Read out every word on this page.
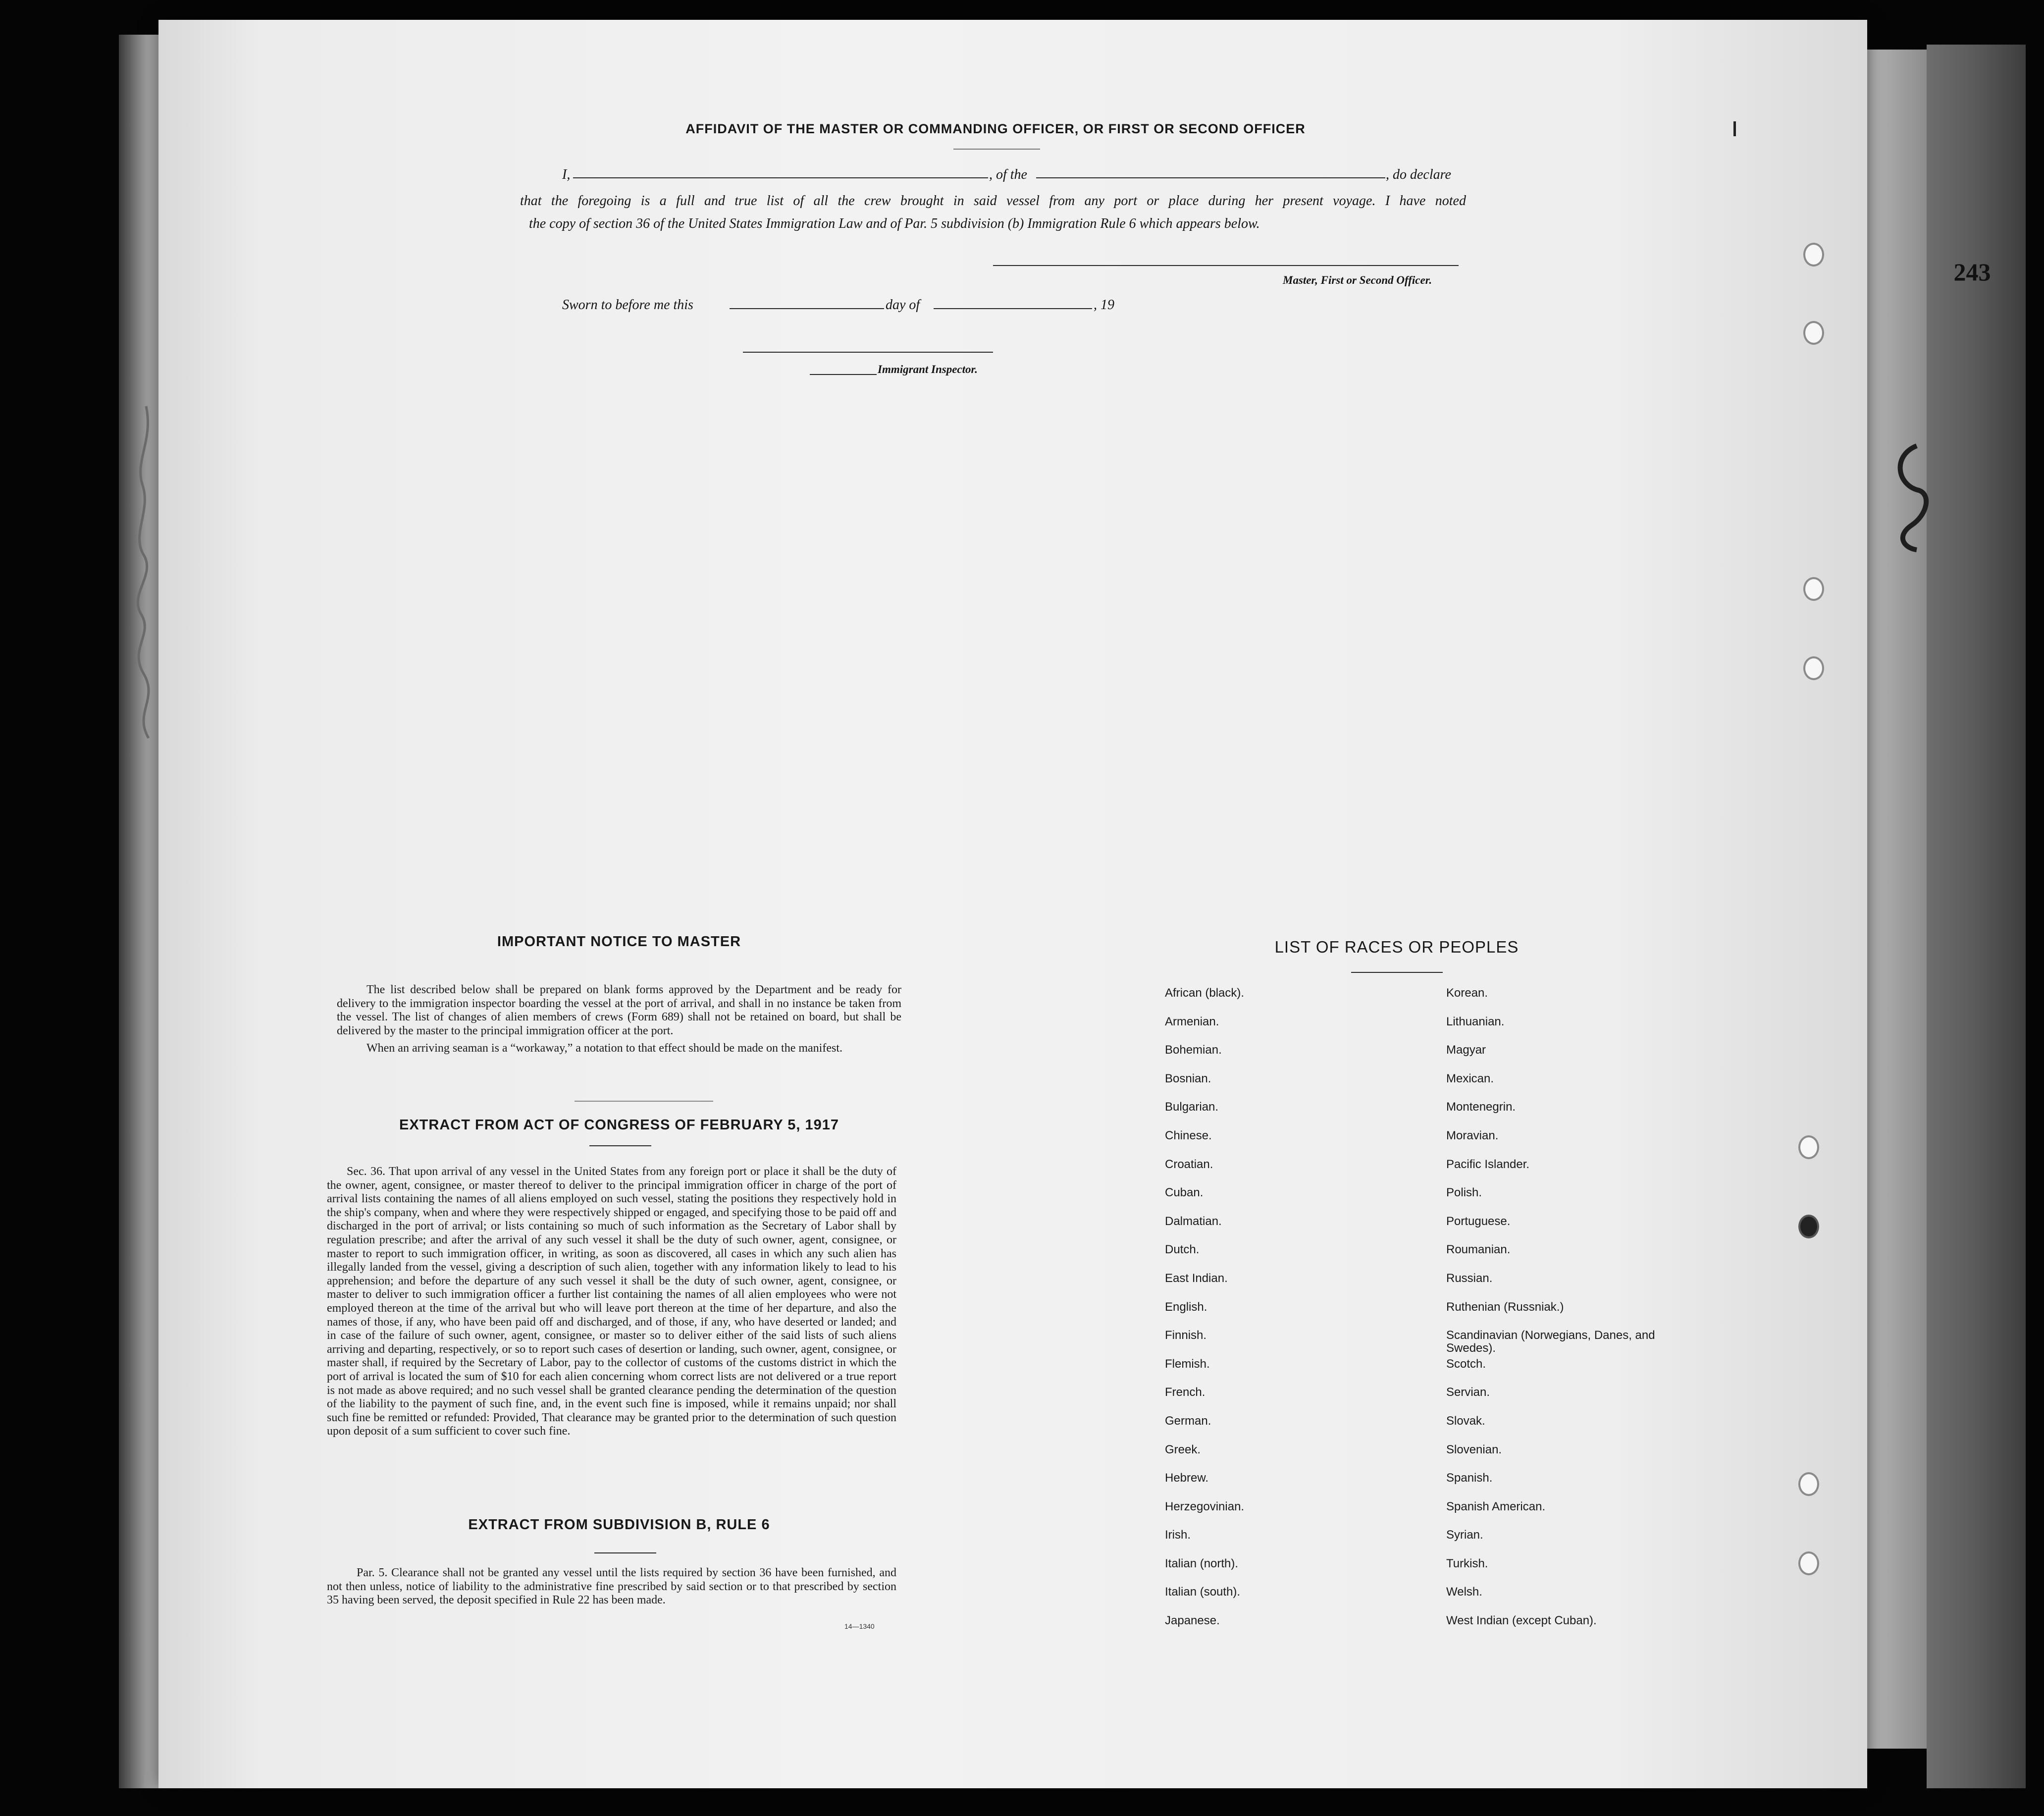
243
AFFIDAVIT OF THE MASTER OR COMMANDING OFFICER, OR FIRST OR SECOND OFFICER
I,	, of the	, do declare
that the foregoing is a full and true list of all the crew brought in said vessel from any port or place during her present voyage. I have noted
the copy of section 36 of the United States Immigration Law and of Par. 5 subdivision (b) Immigration Rule 6 which appears below.
Master, First or Second Officer.
Sworn to before me this	day of	, 19
Immigrant Inspector.
IMPORTANT NOTICE TO MASTER

The list described below shall be prepared on blank forms approved by the Department and be ready for delivery to the immigration inspector boarding the vessel at the port of arrival, and shall in no instance be taken from the vessel. The list of changes of alien members of crews (Form 689) shall not be retained on board, but shall be delivered by the master to the principal immigration officer at the port.

When an arriving seaman is a “workaway,” a notation to that effect should be made on the manifest.

EXTRACT FROM ACT OF CONGRESS OF FEBRUARY 5, 1917

Sec. 36. That upon arrival of any vessel in the United States from any foreign port or place it shall be the duty of the owner, agent, consignee, or master thereof to deliver to the principal immigration officer in charge of the port of arrival lists containing the names of all aliens employed on such vessel, stating the positions they respectively hold in the ship's company, when and where they were respectively shipped or engaged, and specifying those to be paid off and discharged in the port of arrival; or lists containing so much of such information as the Secretary of Labor shall by regulation prescribe; and after the arrival of any such vessel it shall be the duty of such owner, agent, consignee, or master to report to such immigration officer, in writing, as soon as discovered, all cases in which any such alien has illegally landed from the vessel, giving a description of such alien, together with any information likely to lead to his apprehension; and before the departure of any such vessel it shall be the duty of such owner, agent, consignee, or master to deliver to such immigration officer a further list containing the names of all alien employees who were not employed thereon at the time of the arrival but who will leave port thereon at the time of her departure, and also the names of those, if any, who have been paid off and discharged, and of those, if any, who have deserted or landed; and in case of the failure of such owner, agent, consignee, or master so to deliver either of the said lists of such aliens arriving and departing, respectively, or so to report such cases of desertion or landing, such owner, agent, consignee, or master shall, if required by the Secretary of Labor, pay to the collector of customs of the customs district in which the port of arrival is located the sum of $10 for each alien concerning whom correct lists are not delivered or a true report is not made as above required; and no such vessel shall be granted clearance pending the determination of the question of the liability to the payment of such fine, and, in the event such fine is imposed, while it remains unpaid; nor shall such fine be remitted or refunded: Provided, That clearance may be granted prior to the determination of such question upon deposit of a sum sufficient to cover such fine.

EXTRACT FROM SUBDIVISION B, RULE 6

Par. 5. Clearance shall not be granted any vessel until the lists required by section 36 have been furnished, and not then unless, notice of liability to the administrative fine prescribed by said section or to that prescribed by section 35 having been served, the deposit specified in Rule 22 has been made.

14—1340
LIST OF RACES OR PEOPLES
African (black).
Armenian.
Bohemian.
Bosnian.
Bulgarian.
Chinese.
Croatian.
Cuban.
Dalmatian.
Dutch.
East Indian.
English.
Finnish.
Flemish.
French.
German.
Greek.
Hebrew.
Herzegovinian.
Irish.
Italian (north).
Italian (south).
Japanese.
Korean.
Lithuanian.
Magyar
Mexican.
Montenegrin.
Moravian.
Pacific Islander.
Polish.
Portuguese.
Roumanian.
Russian.
Ruthenian (Russniak.)
Scandinavian (Norwegians, Danes, and Swedes).
Scotch.
Servian.
Slovak.
Slovenian.
Spanish.
Spanish American.
Syrian.
Turkish.
Welsh.
West Indian (except Cuban).
